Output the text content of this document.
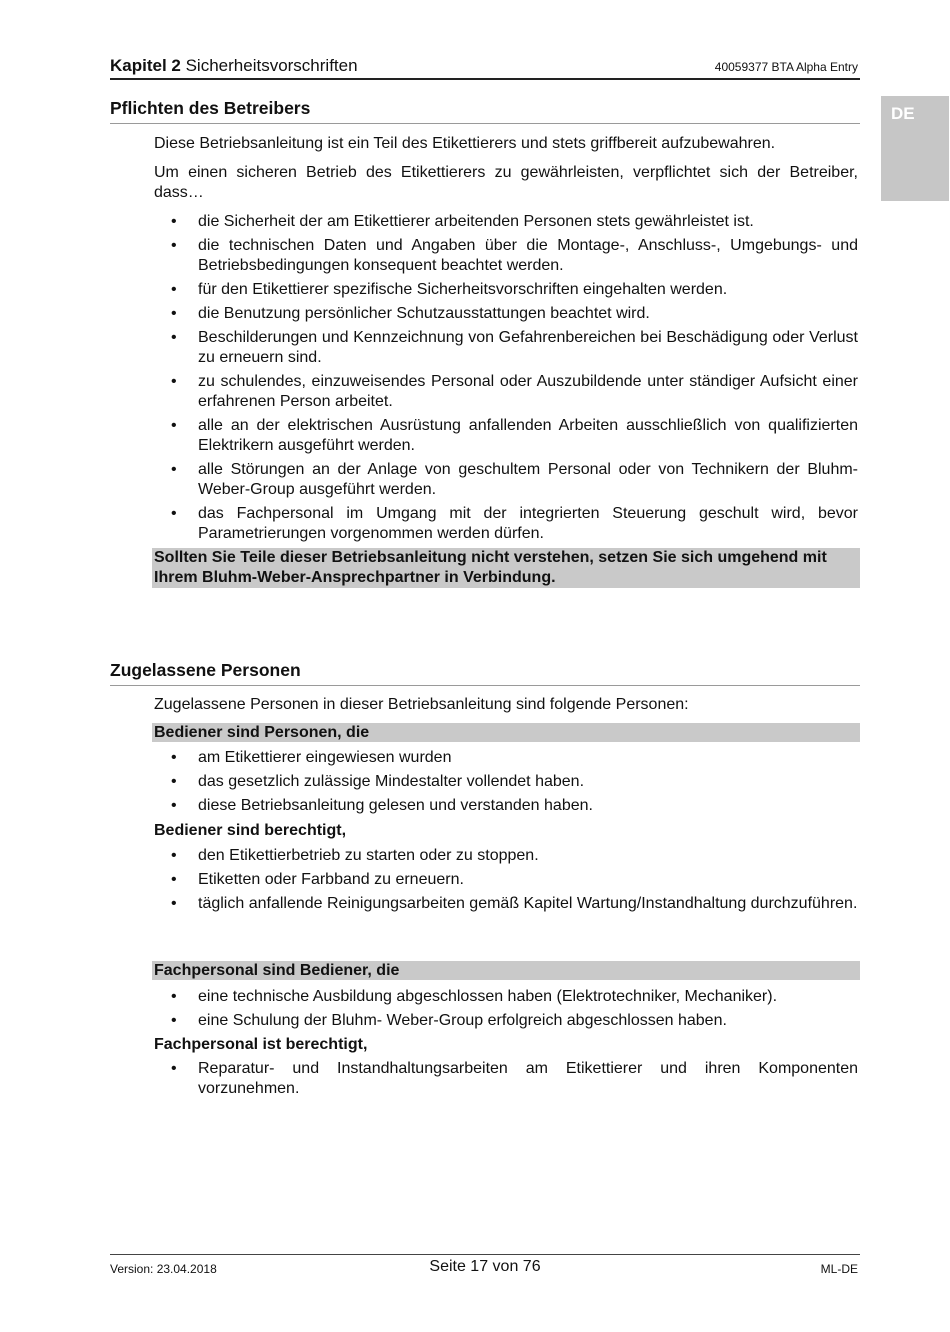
Kapitel 2 Sicherheitsvorschriften	40059377 BTA Alpha Entry
DE
Pflichten des Betreibers
Diese Betriebsanleitung ist ein Teil des Etikettierers und stets griffbereit aufzubewahren.
Um einen sicheren Betrieb des Etikettierers zu gewährleisten, verpflichtet sich der Betreiber, dass…
• die Sicherheit der am Etikettierer arbeitenden Personen stets gewährleistet ist.
• die technischen Daten und Angaben über die Montage-, Anschluss-, Umgebungs- und Betriebsbedingungen konsequent beachtet werden.
• für den Etikettierer spezifische Sicherheitsvorschriften eingehalten werden.
• die Benutzung persönlicher Schutzausstattungen beachtet wird.
• Beschilderungen und Kennzeichnung von Gefahrenbereichen bei Beschädigung oder Verlust zu erneuern sind.
• zu schulendes, einzuweisendes Personal oder Auszubildende unter ständiger Aufsicht einer erfahrenen Person arbeitet.
• alle an der elektrischen Ausrüstung anfallenden Arbeiten ausschließlich von qualifizierten Elektrikern ausgeführt werden.
• alle Störungen an der Anlage von geschultem Personal oder von Technikern der Bluhm-Weber-Group ausgeführt werden.
• das Fachpersonal im Umgang mit der integrierten Steuerung geschult wird, bevor Parametrierungen vorgenommen werden dürfen.
Sollten Sie Teile dieser Betriebsanleitung nicht verstehen, setzen Sie sich umgehend mit Ihrem Bluhm-Weber-Ansprechpartner in Verbindung.
Zugelassene Personen
Zugelassene Personen in dieser Betriebsanleitung sind folgende Personen:
Bediener sind Personen, die
• am Etikettierer eingewiesen wurden
• das gesetzlich zulässige Mindestalter vollendet haben.
• diese Betriebsanleitung gelesen und verstanden haben.
Bediener sind berechtigt,
• den Etikettierbetrieb zu starten oder zu stoppen.
• Etiketten oder Farbband zu erneuern.
• täglich anfallende Reinigungsarbeiten gemäß Kapitel Wartung/Instandhaltung durchzuführen.
Fachpersonal sind Bediener, die
• eine technische Ausbildung abgeschlossen haben (Elektrotechniker, Mechaniker).
• eine Schulung der Bluhm- Weber-Group erfolgreich abgeschlossen haben.
Fachpersonal ist berechtigt,
• Reparatur- und Instandhaltungsarbeiten am Etikettierer und ihren Komponenten vorzunehmen.
Version: 23.04.2018	Seite 17 von 76	ML-DE
